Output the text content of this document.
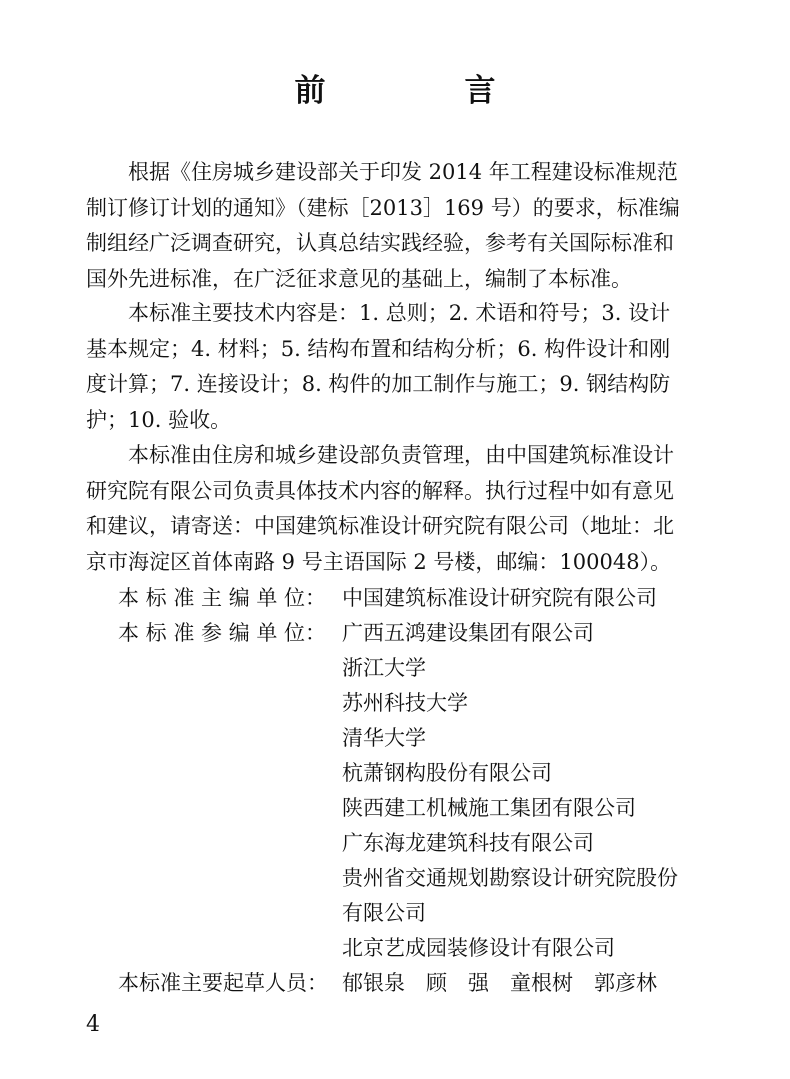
前　言
根据《住房城乡建设部关于印发 2014 年工程建设标准规范
制订修订计划的通知》（建标［2013］169 号）的要求，标准编
制组经广泛调查研究，认真总结实践经验，参考有关国际标准和
国外先进标准，在广泛征求意见的基础上，编制了本标准。
本标准主要技术内容是：1. 总则；2. 术语和符号；3. 设计
基本规定；4. 材料；5. 结构布置和结构分析；6. 构件设计和刚
度计算；7. 连接设计；8. 构件的加工制作与施工；9. 钢结构防
护；10. 验收。
本标准由住房和城乡建设部负责管理，由中国建筑标准设计
研究院有限公司负责具体技术内容的解释。执行过程中如有意见
和建议，请寄送：中国建筑标准设计研究院有限公司（地址：北
京市海淀区首体南路 9 号主语国际 2 号楼，邮编：100048）。
本 标 准 主 编 单 位： 中国建筑标准设计研究院有限公司
本 标 准 参 编 单 位： 广西五鸿建设集团有限公司
浙江大学
苏州科技大学
清华大学
杭萧钢构股份有限公司
陕西建工机械施工集团有限公司
广东海龙建筑科技有限公司
贵州省交通规划勘察设计研究院股份
有限公司
北京艺成园装修设计有限公司
本标准主要起草人员： 郁银泉　顾　强　童根树　郭彦林
4
